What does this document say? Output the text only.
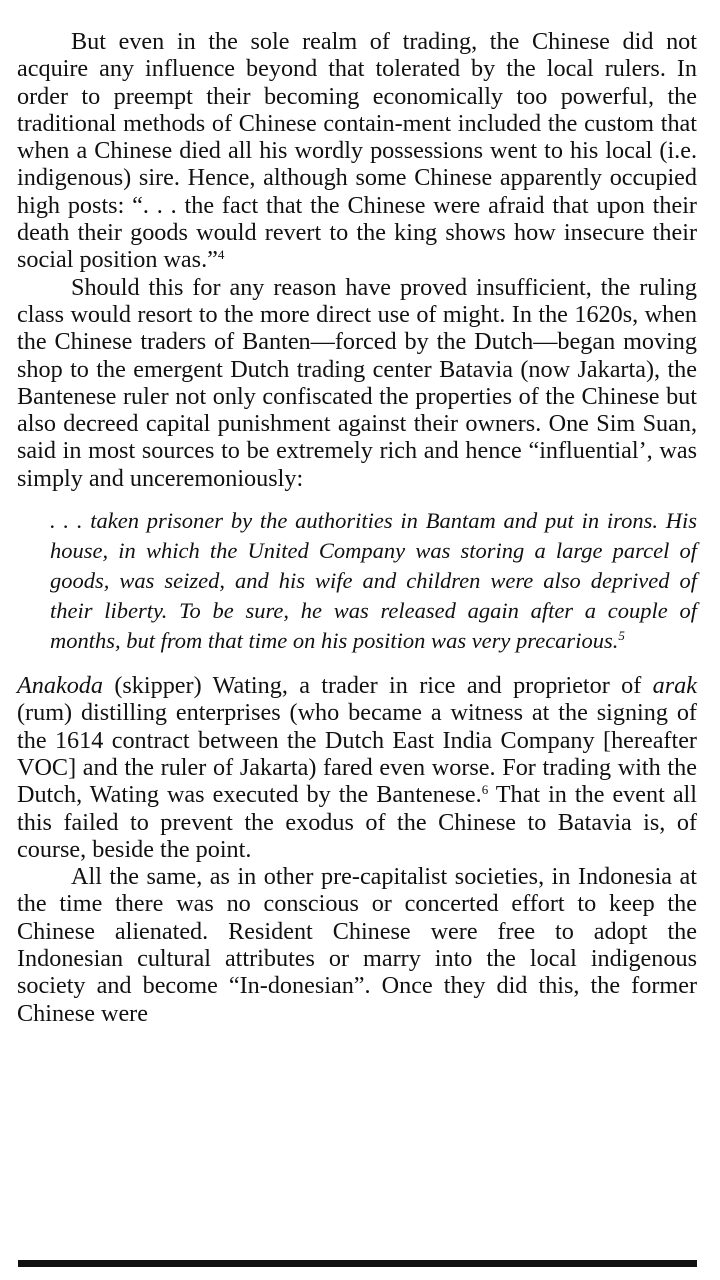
But even in the sole realm of trading, the Chinese did not acquire any influence beyond that tolerated by the local rulers. In order to preempt their becoming economically too powerful, the traditional methods of Chinese contain-ment included the custom that when a Chinese died all his wordly possessions went to his local (i.e. indigenous) sire. Hence, although some Chinese apparently occupied high posts: “. . . the fact that the Chinese were afraid that upon their death their goods would revert to the king shows how insecure their social position was.”$^4$

Should this for any reason have proved insufficient, the ruling class would resort to the more direct use of might. In the 1620s, when the Chinese traders of Banten—forced by the Dutch—began moving shop to the emergent Dutch trading center Batavia (now Jakarta), the Bantenese ruler not only confiscated the properties of the Chinese but also decreed capital punishment against their owners. One Sim Suan, said in most sources to be extremely rich and hence “influential’, was simply and unceremoniously:

. . . taken prisoner by the authorities in Bantam and put in irons. His house, in which the United Company was storing a large parcel of goods, was seized, and his wife and children were also deprived of their liberty. To be sure, he was released again after a couple of months, but from that time on his position was very precarious.$^5$

Anakoda (skipper) Wating, a trader in rice and proprietor of arak (rum) distilling enterprises (who became a witness at the signing of the 1614 contract between the Dutch East India Company [hereafter VOC] and the ruler of Jakarta) fared even worse. For trading with the Dutch, Wating was executed by the Bantenese.$^6$ That in the event all this failed to prevent the exodus of the Chinese to Batavia is, of course, beside the point.

All the same, as in other pre-capitalist societies, in Indonesia at the time there was no conscious or concerted effort to keep the Chinese alienated. Resident Chinese were free to adopt the Indonesian cultural attributes or marry into the local indigenous society and become “In-donesian”. Once they did this, the former Chinese were
